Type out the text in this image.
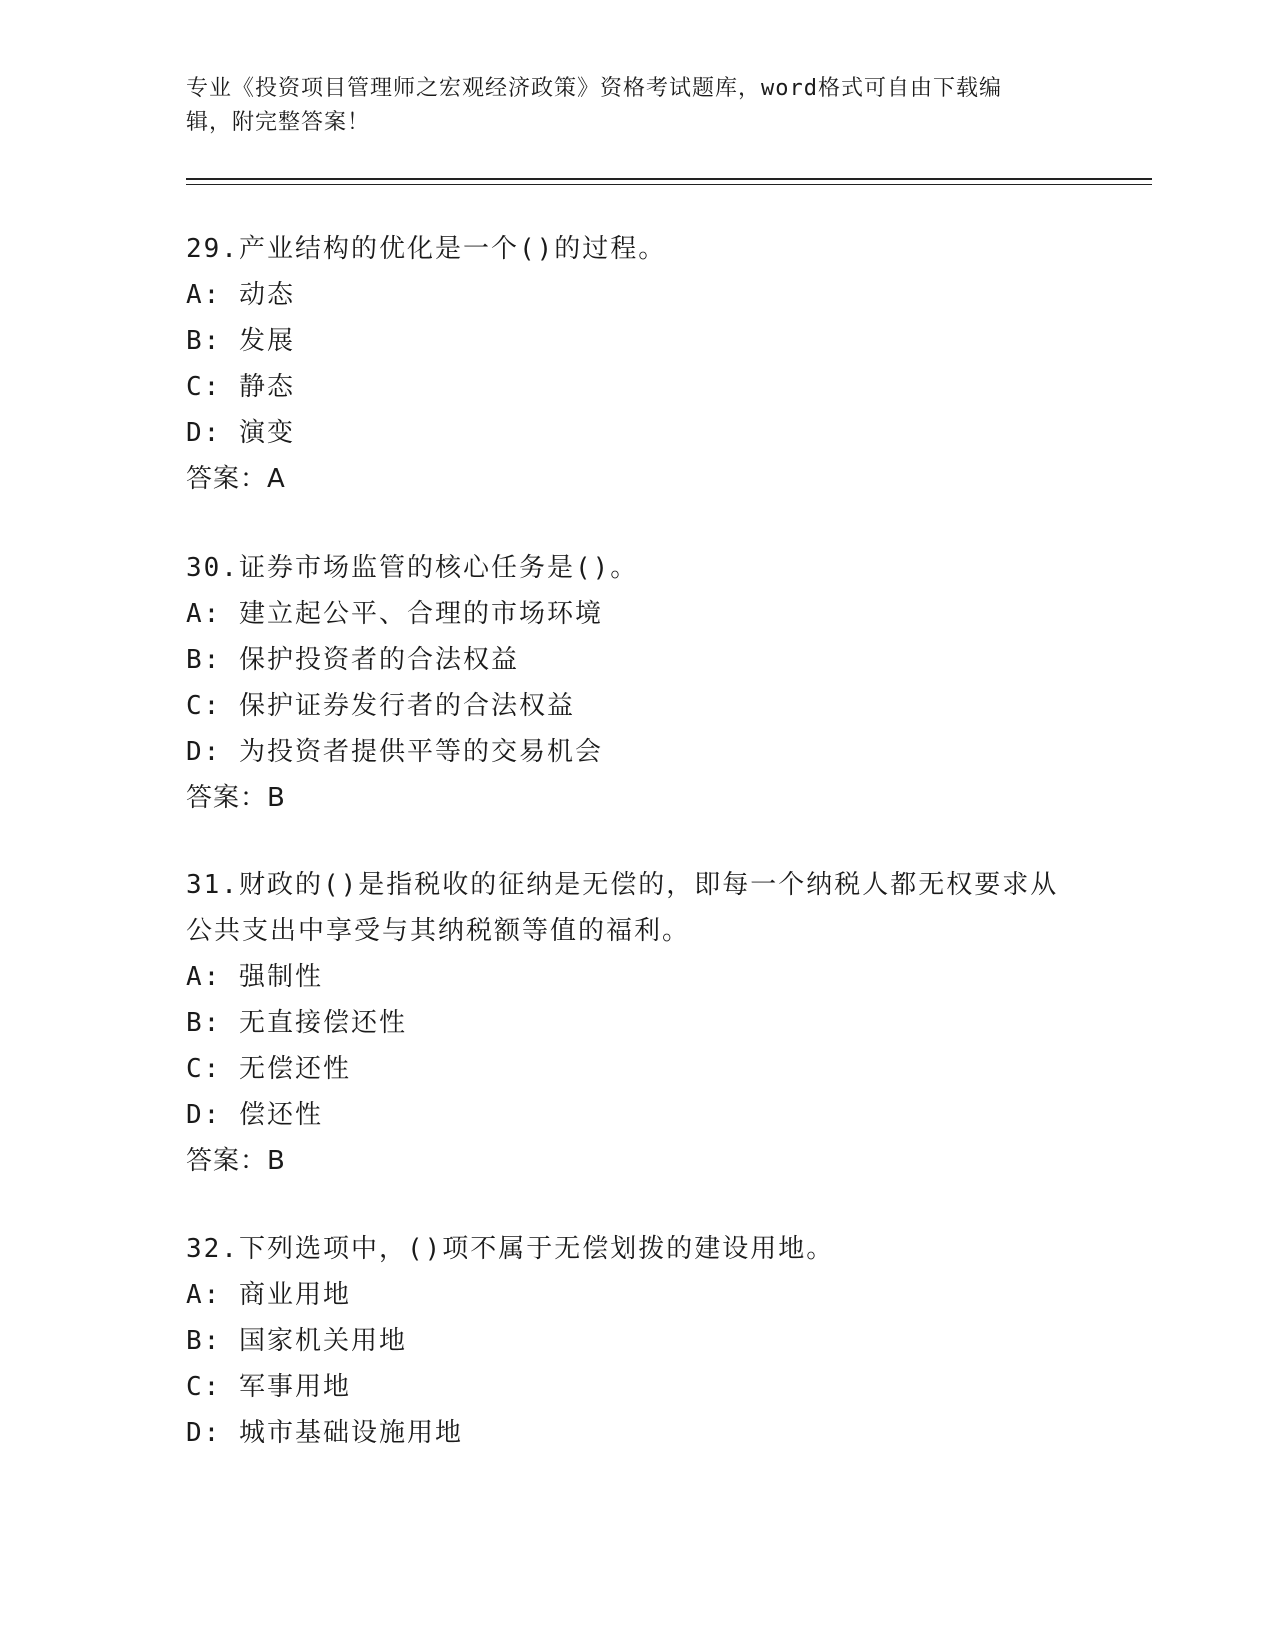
专业《投资项目管理师之宏观经济政策》资格考试题库，word格式可自由下载编
辑，附完整答案！
29.产业结构的优化是一个()的过程。
A: 动态
B: 发展
C: 静态
D: 演变
答案：A
30.证券市场监管的核心任务是()。
A: 建立起公平、合理的市场环境
B: 保护投资者的合法权益
C: 保护证券发行者的合法权益
D: 为投资者提供平等的交易机会
答案：B
31.财政的()是指税收的征纳是无偿的，即每一个纳税人都无权要求从
公共支出中享受与其纳税额等值的福利。
A: 强制性
B: 无直接偿还性
C: 无偿还性
D: 偿还性
答案：B
32.下列选项中，()项不属于无偿划拨的建设用地。
A: 商业用地
B: 国家机关用地
C: 军事用地
D: 城市基础设施用地
